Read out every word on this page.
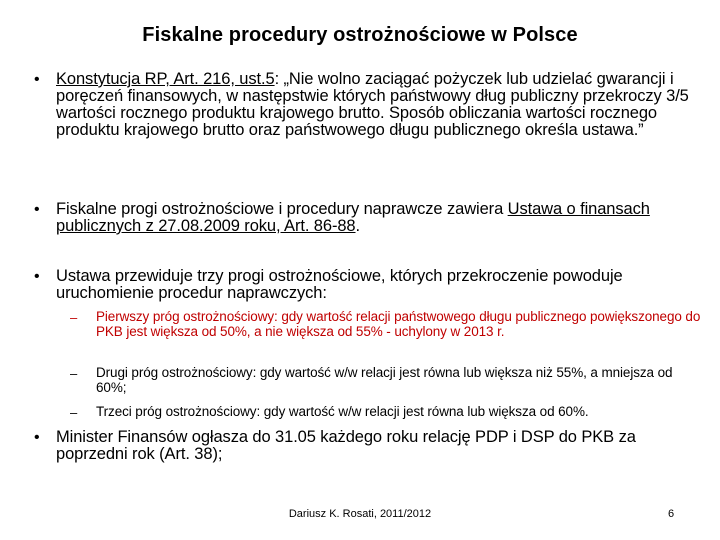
Fiskalne procedury ostrożnościowe w Polsce
• Konstytucja RP, Art. 216, ust.5: „Nie wolno zaciągać pożyczek lub udzielać gwarancji i poręczeń finansowych, w następstwie których państwowy dług publiczny przekroczy 3/5 wartości rocznego produktu krajowego brutto. Sposób obliczania wartości rocznego produktu krajowego brutto oraz państwowego długu publicznego określa ustawa.”
• Fiskalne progi ostrożnościowe i procedury naprawcze zawiera Ustawa o finansach publicznych z 27.08.2009 roku, Art. 86-88.
• Ustawa przewiduje trzy progi ostrożnościowe, których przekroczenie powoduje uruchomienie procedur naprawczych:
– Pierwszy próg ostrożnościowy: gdy wartość relacji państwowego długu publicznego powiększonego do PKB jest większa od 50%, a nie większa od 55% - uchylony w 2013 r.
– Drugi próg ostrożnościowy: gdy wartość w/w relacji jest równa lub większa niż 55%, a mniejsza od 60%;
– Trzeci próg ostrożnościowy: gdy wartość w/w relacji jest równa lub większa od 60%.
• Minister Finansów ogłasza do 31.05 każdego roku relację PDP i DSP do PKB za poprzedni rok (Art. 38);
Dariusz K. Rosati, 2011/2012	6
